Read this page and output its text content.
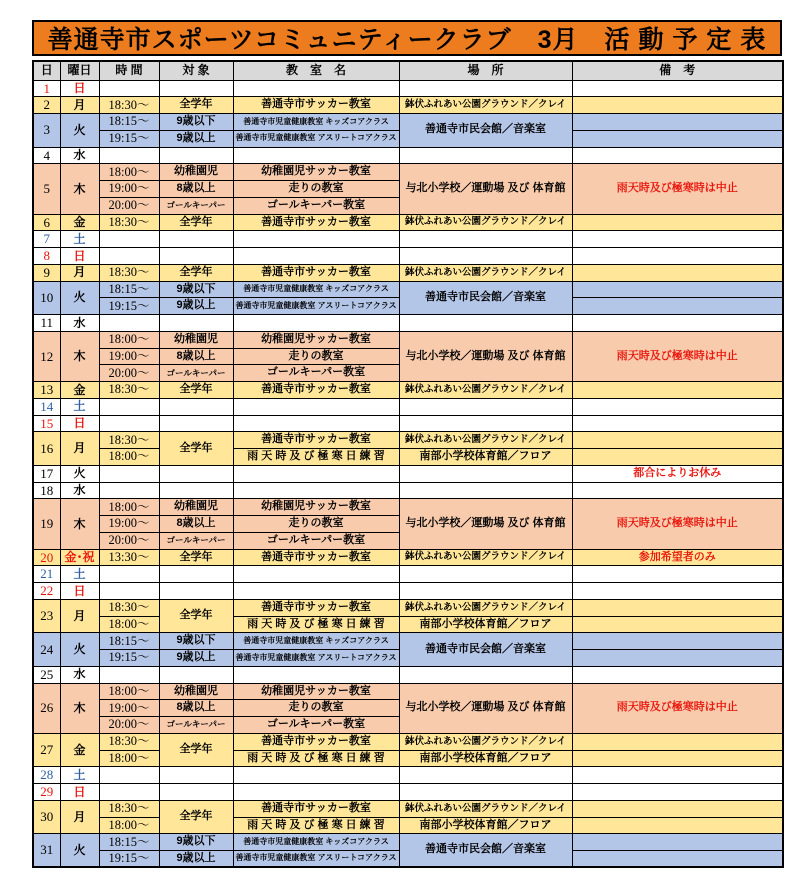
善通寺市スポーツコミュニティークラブ　3月　活 動 予 定 表
日	曜日	時 間	対 象	教　室　名	場　所	備　考
1	日					
2	月	18:30～	全学年	善通寺市サッカー教室	鉢伏ふれあい公園グラウンド／クレイ	
3	火	18:15～	9歳以下	善通寺市児童健康教室 キッズコアクラス	善通寺市民会館／音楽室	
		19:15～	9歳以上	善通寺市児童健康教室 アスリートコアクラス		
4	水					
5	木	18:00～	幼稚園児	幼稚園児サッカー教室	与北小学校／運動場 及び 体育館	雨天時及び極寒時は中止
		19:00～	8歳以上	走りの教室		
		20:00～	ゴールキーパー	ゴールキーパー教室		
6	金	18:30～	全学年	善通寺市サッカー教室	鉢伏ふれあい公園グラウンド／クレイ	
7	土					
8	日					
9	月	18:30～	全学年	善通寺市サッカー教室	鉢伏ふれあい公園グラウンド／クレイ	
10	火	18:15～	9歳以下	善通寺市児童健康教室 キッズコアクラス	善通寺市民会館／音楽室	
		19:15～	9歳以上	善通寺市児童健康教室 アスリートコアクラス		
11	水					
12	木	18:00～	幼稚園児	幼稚園児サッカー教室	与北小学校／運動場 及び 体育館	雨天時及び極寒時は中止
		19:00～	8歳以上	走りの教室		
		20:00～	ゴールキーパー	ゴールキーパー教室		
13	金	18:30～	全学年	善通寺市サッカー教室	鉢伏ふれあい公園グラウンド／クレイ	
14	土					
15	日					
16	月	18:30～	全学年	善通寺市サッカー教室	鉢伏ふれあい公園グラウンド／クレイ	
		18:00～		雨 天 時 及 び 極 寒 日 練 習	南部小学校体育館／フロア	
17	火					都合によりお休み
18	水					
19	木	18:00～	幼稚園児	幼稚園児サッカー教室	与北小学校／運動場 及び 体育館	雨天時及び極寒時は中止
		19:00～	8歳以上	走りの教室		
		20:00～	ゴールキーパー	ゴールキーパー教室		
20	金･祝	13:30～	全学年	善通寺市サッカー教室	鉢伏ふれあい公園グラウンド／クレイ	参加希望者のみ
21	土					
22	日					
23	月	18:30～	全学年	善通寺市サッカー教室	鉢伏ふれあい公園グラウンド／クレイ	
		18:00～		雨 天 時 及 び 極 寒 日 練 習	南部小学校体育館／フロア	
24	火	18:15～	9歳以下	善通寺市児童健康教室 キッズコアクラス	善通寺市民会館／音楽室	
		19:15～	9歳以上	善通寺市児童健康教室 アスリートコアクラス		
25	水					
26	木	18:00～	幼稚園児	幼稚園児サッカー教室	与北小学校／運動場 及び 体育館	雨天時及び極寒時は中止
		19:00～	8歳以上	走りの教室		
		20:00～	ゴールキーパー	ゴールキーパー教室		
27	金	18:30～	全学年	善通寺市サッカー教室	鉢伏ふれあい公園グラウンド／クレイ	
		18:00～		雨 天 時 及 び 極 寒 日 練 習	南部小学校体育館／フロア	
28	土					
29	日					
30	月	18:30～	全学年	善通寺市サッカー教室	鉢伏ふれあい公園グラウンド／クレイ	
		18:00～		雨 天 時 及 び 極 寒 日 練 習	南部小学校体育館／フロア	
31	火	18:15～	9歳以下	善通寺市児童健康教室 キッズコアクラス	善通寺市民会館／音楽室	
		19:15～	9歳以上	善通寺市児童健康教室 アスリートコアクラス		
